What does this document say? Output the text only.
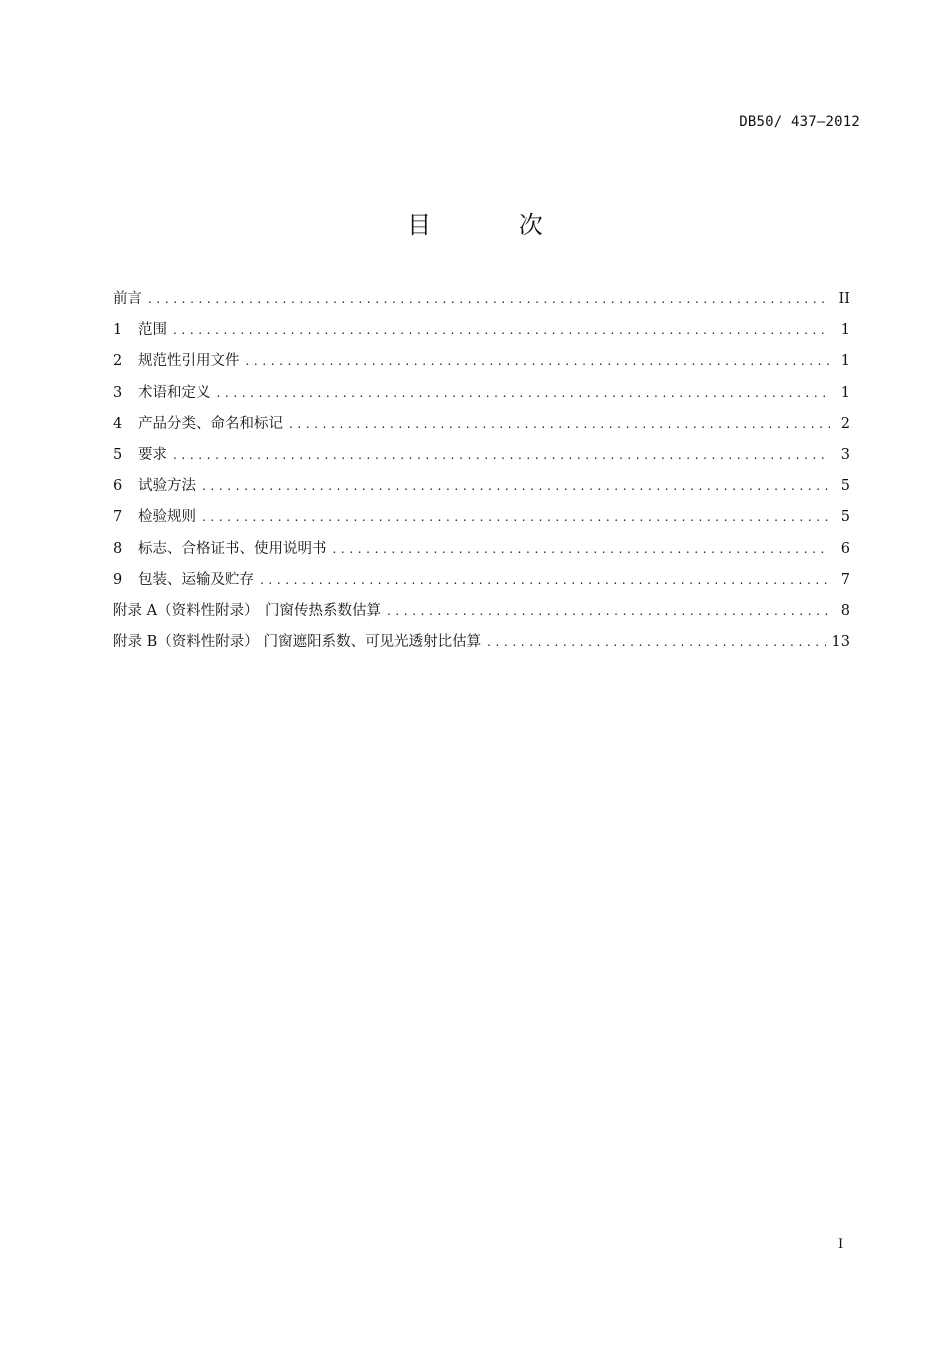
DB50/ 437—2012
目 次
前言 .....	II
1	范围 .....	1
2	规范性引用文件 .....	1
3	术语和定义 .....	1
4	产品分类、命名和标记 .....	2
5	要求 .....	3
6	试验方法 .....	5
7	检验规则 .....	5
8	标志、合格证书、使用说明书 .....	6
9	包装、运输及贮存 .....	7
附录 A（资料性附录） 门窗传热系数估算 .....	8
附录 B（资料性附录） 门窗遮阳系数、可见光透射比估算 .....	13
I
